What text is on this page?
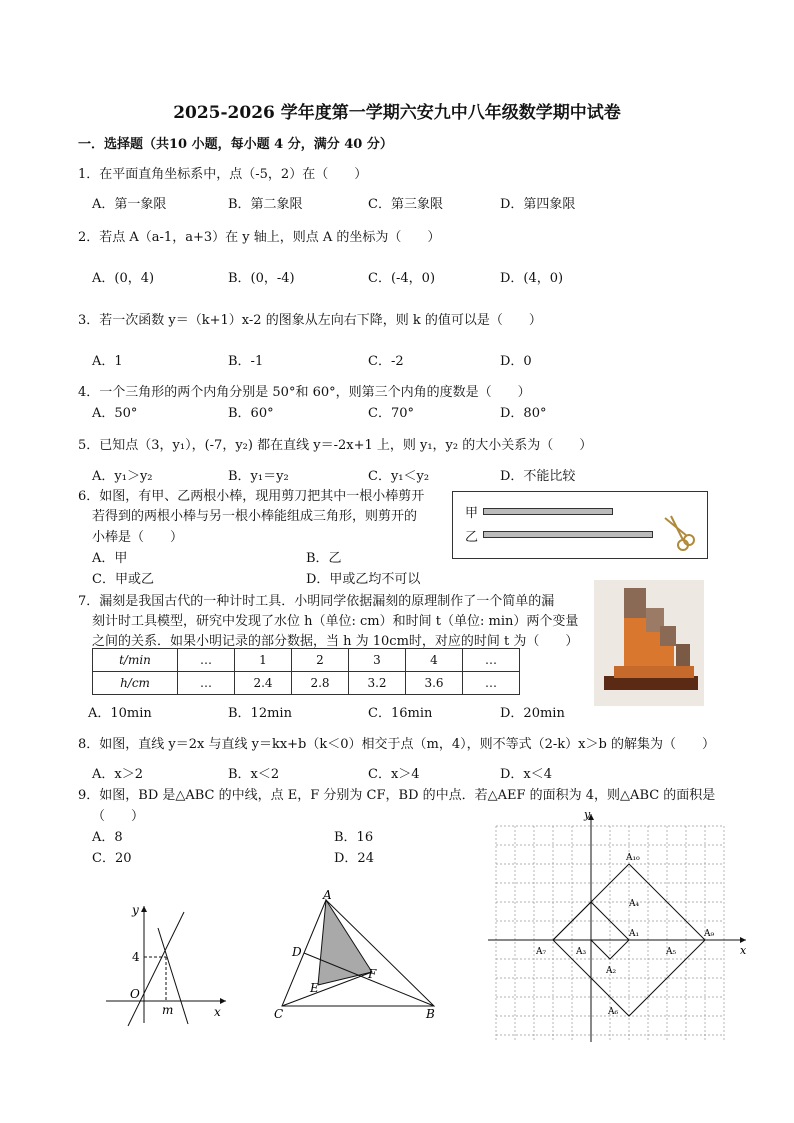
2025-2026 学年度第一学期六安九中八年级数学期中试卷
一．选择题（共10 小题，每小题 4 分，满分 40 分）
1．在平面直角坐标系中，点（-5，2）在（　　）
A．第一象限	B．第二象限	C．第三象限	D．第四象限
2．若点 A（a-1，a+3）在 y 轴上，则点 A 的坐标为（　　）
A．(0，4)	B．(0，-4)	C．(-4，0)	D．(4，0)
3．若一次函数 y＝（k+1）x-2 的图象从左向右下降，则 k 的值可以是（　　）
A．1	B．-1	C．-2	D．0
4．一个三角形的两个内角分别是 50°和 60°，则第三个内角的度数是（　　）
A．50°	B．60°	C．70°	D．80°
5．已知点（3，y₁），(-7，y₂) 都在直线 y＝-2x+1 上，则 y₁，y₂ 的大小关系为（　　）
A．y₁＞y₂	B．y₁＝y₂	C．y₁＜y₂	D．不能比较
6．如图，有甲、乙两根小棒，现用剪刀把其中一根小棒剪开
若得到的两根小棒与另一根小棒能组成三角形，则剪开的
小棒是（　　）
A．甲	B．乙
C．甲或乙	D．甲或乙均不可以
甲
乙
7．漏刻是我国古代的一种计时工具．小明同学依据漏刻的原理制作了一个简单的漏
刻计时工具模型，研究中发现了水位 h（单位: cm）和时间 t（单位: min）两个变量
之间的关系．如果小明记录的部分数据，当 h 为 10cm时，对应的时间 t 为（　　）
t/min	…	1	2	3	4	…
h/cm	…	2.4	2.8	3.2	3.6	…
A．10min	B．12min	C．16min	D．20min
8．如图，直线 y＝2x 与直线 y＝kx+b（k＜0）相交于点（m，4），则不等式（2-k）x＞b 的解集为（　　）
A．x＞2	B．x＜2	C．x＞4	D．x＜4
9．如图，BD 是△ABC 的中线，点 E，F 分别为 CF，BD 的中点．若△AEF 的面积为 4，则△ABC 的面积是
（　　）
A．8	B．16
C．20	D．24
y
x
O
4
m
A
C	B
D
E
F
y
x
A₁
A₂
A₃
A₄
A₅
A₆
A₇
A₉
A₁₀
